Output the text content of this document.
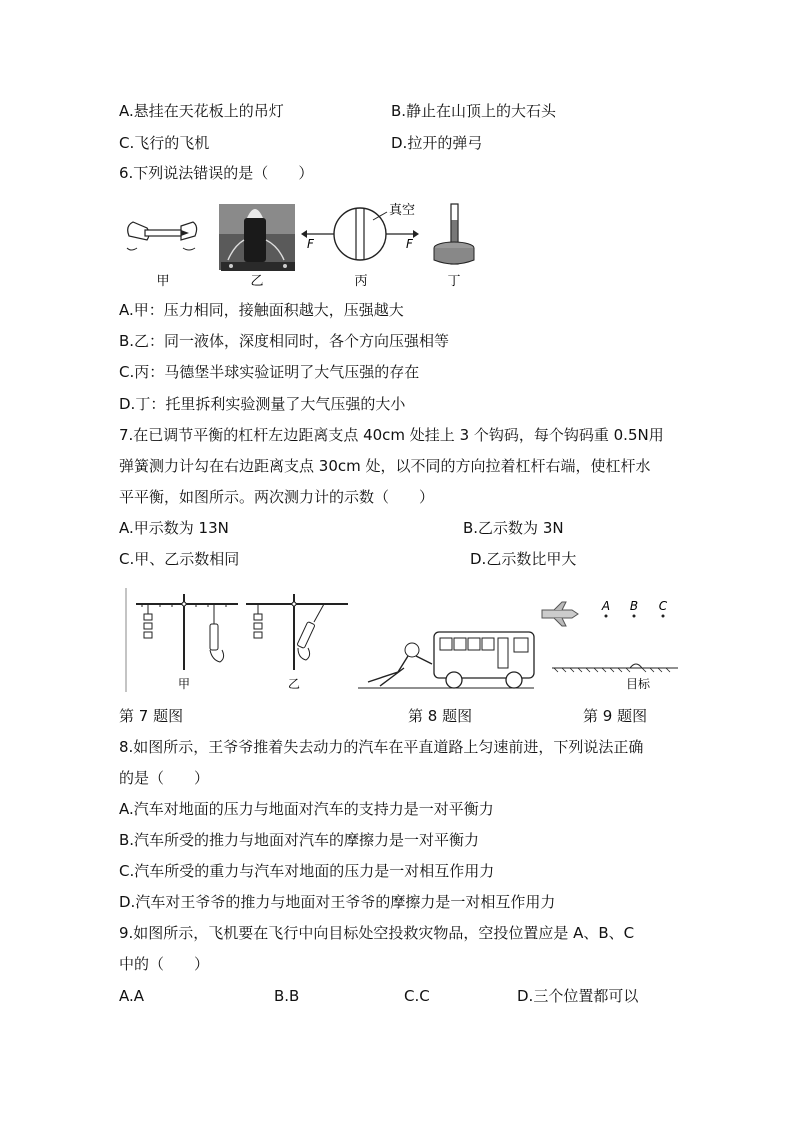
A.悬挂在天花板上的吊灯	B.静止在山顶上的大石头
C.飞行的飞机	D.拉开的弹弓
6.下列说法错误的是（　　）
甲	乙
F	F
真空
丙	丁
A.甲：压力相同，接触面积越大，压强越大
B.乙：同一液体，深度相同时，各个方向压强相等
C.丙：马德堡半球实验证明了大气压强的存在
D.丁：托里拆利实验测量了大气压强的大小
7.在已调节平衡的杠杆左边距离支点 40cm 处挂上 3 个钩码，每个钩码重 0.5N用
弹簧测力计勾在右边距离支点 30cm 处，以不同的方向拉着杠杆右端，使杠杆水
平平衡，如图所示。两次测力计的示数（　　）
A.甲示数为 13N	B.乙示数为 3N
C.甲、乙示数相同	D.乙示数比甲大
甲	乙
A B C
目标
第 7 题图	第 8 题图	第 9 题图
8.如图所示，王爷爷推着失去动力的汽车在平直道路上匀速前进，下列说法正确
的是（　　）
A.汽车对地面的压力与地面对汽车的支持力是一对平衡力
B.汽车所受的推力与地面对汽车的摩擦力是一对平衡力
C.汽车所受的重力与汽车对地面的压力是一对相互作用力
D.汽车对王爷爷的推力与地面对王爷爷的摩擦力是一对相互作用力
9.如图所示，飞机要在飞行中向目标处空投救灾物品，空投位置应是 A、B、C
中的（　　）
A.A	B.B	C.C	D.三个位置都可以
